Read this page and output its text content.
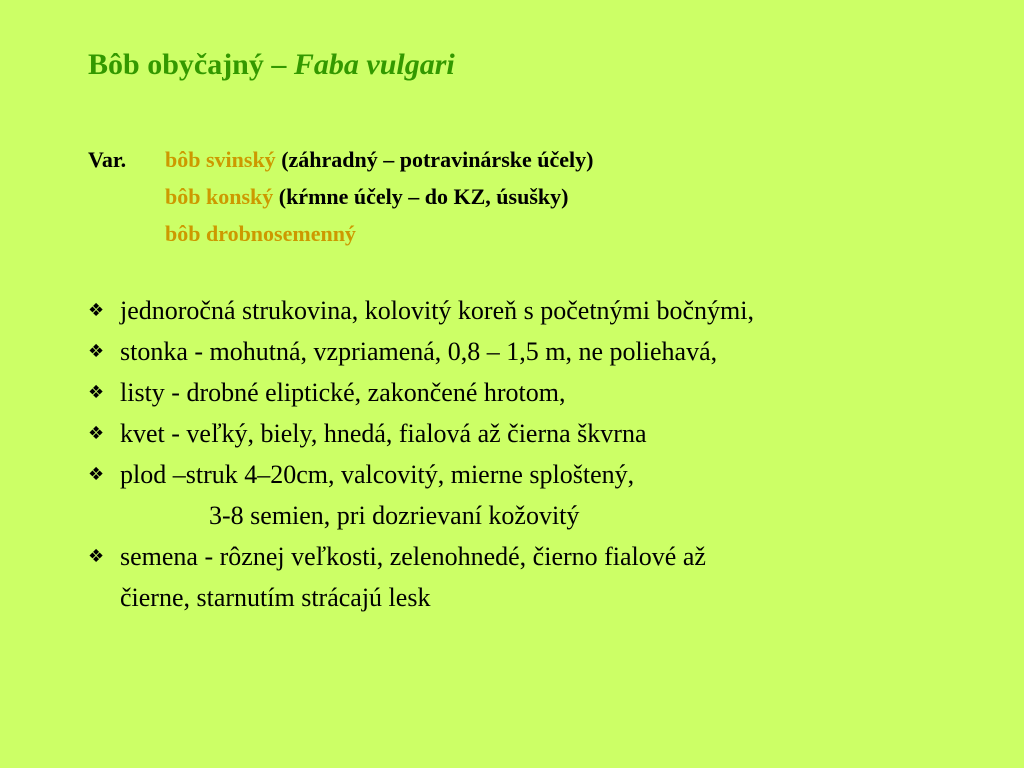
Bôb obyčajný – Faba vulgari
Var. bôb svinský (záhradný – potravinárske účely)
bôb konský (kŕmne účely – do KZ, úsušky)
bôb drobnosemenný
❖ jednoročná strukovina, kolovitý koreň s početnými bočnými,
❖ stonka - mohutná, vzpriamená, 0,8 – 1,5 m, ne poliehavá,
❖ listy - drobné eliptické, zakončené hrotom,
❖ kvet - veľký, biely, hnedá, fialová až čierna škvrna
❖ plod –struk 4–20cm, valcovitý, mierne sploštený,
3-8 semien, pri dozrievaní kožovitý
❖ semena - rôznej veľkosti, zelenohnedé, čierno fialové až
čierne, starnutím strácajú lesk
